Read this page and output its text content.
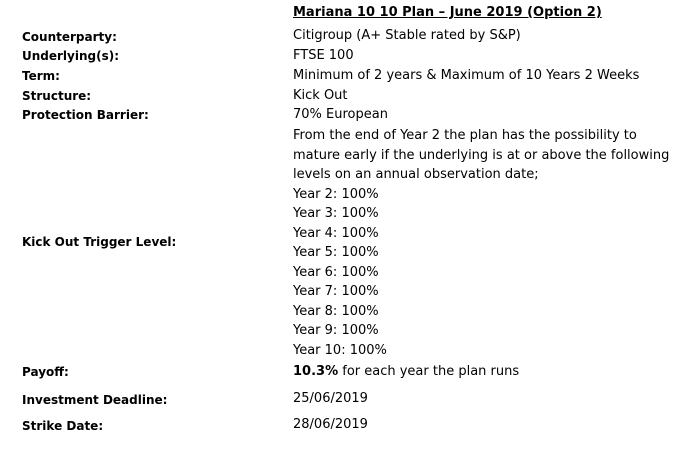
Mariana 10 10 Plan – June 2019 (Option 2)
Counterparty:	Citigroup (A+ Stable rated by S&P)
Underlying(s):	FTSE 100
Term:	Minimum of 2 years & Maximum of 10 Years 2 Weeks
Structure:	Kick Out
Protection Barrier:	70% European
Kick Out Trigger Level:
From the end of Year 2 the plan has the possibility to
mature early if the underlying is at or above the following
levels on an annual observation date;
Year 2: 100%
Year 3: 100%
Year 4: 100%
Year 5: 100%
Year 6: 100%
Year 7: 100%
Year 8: 100%
Year 9: 100%
Year 10: 100%
Payoff:	10.3% for each year the plan runs
Investment Deadline:	25/06/2019
Strike Date:	28/06/2019
